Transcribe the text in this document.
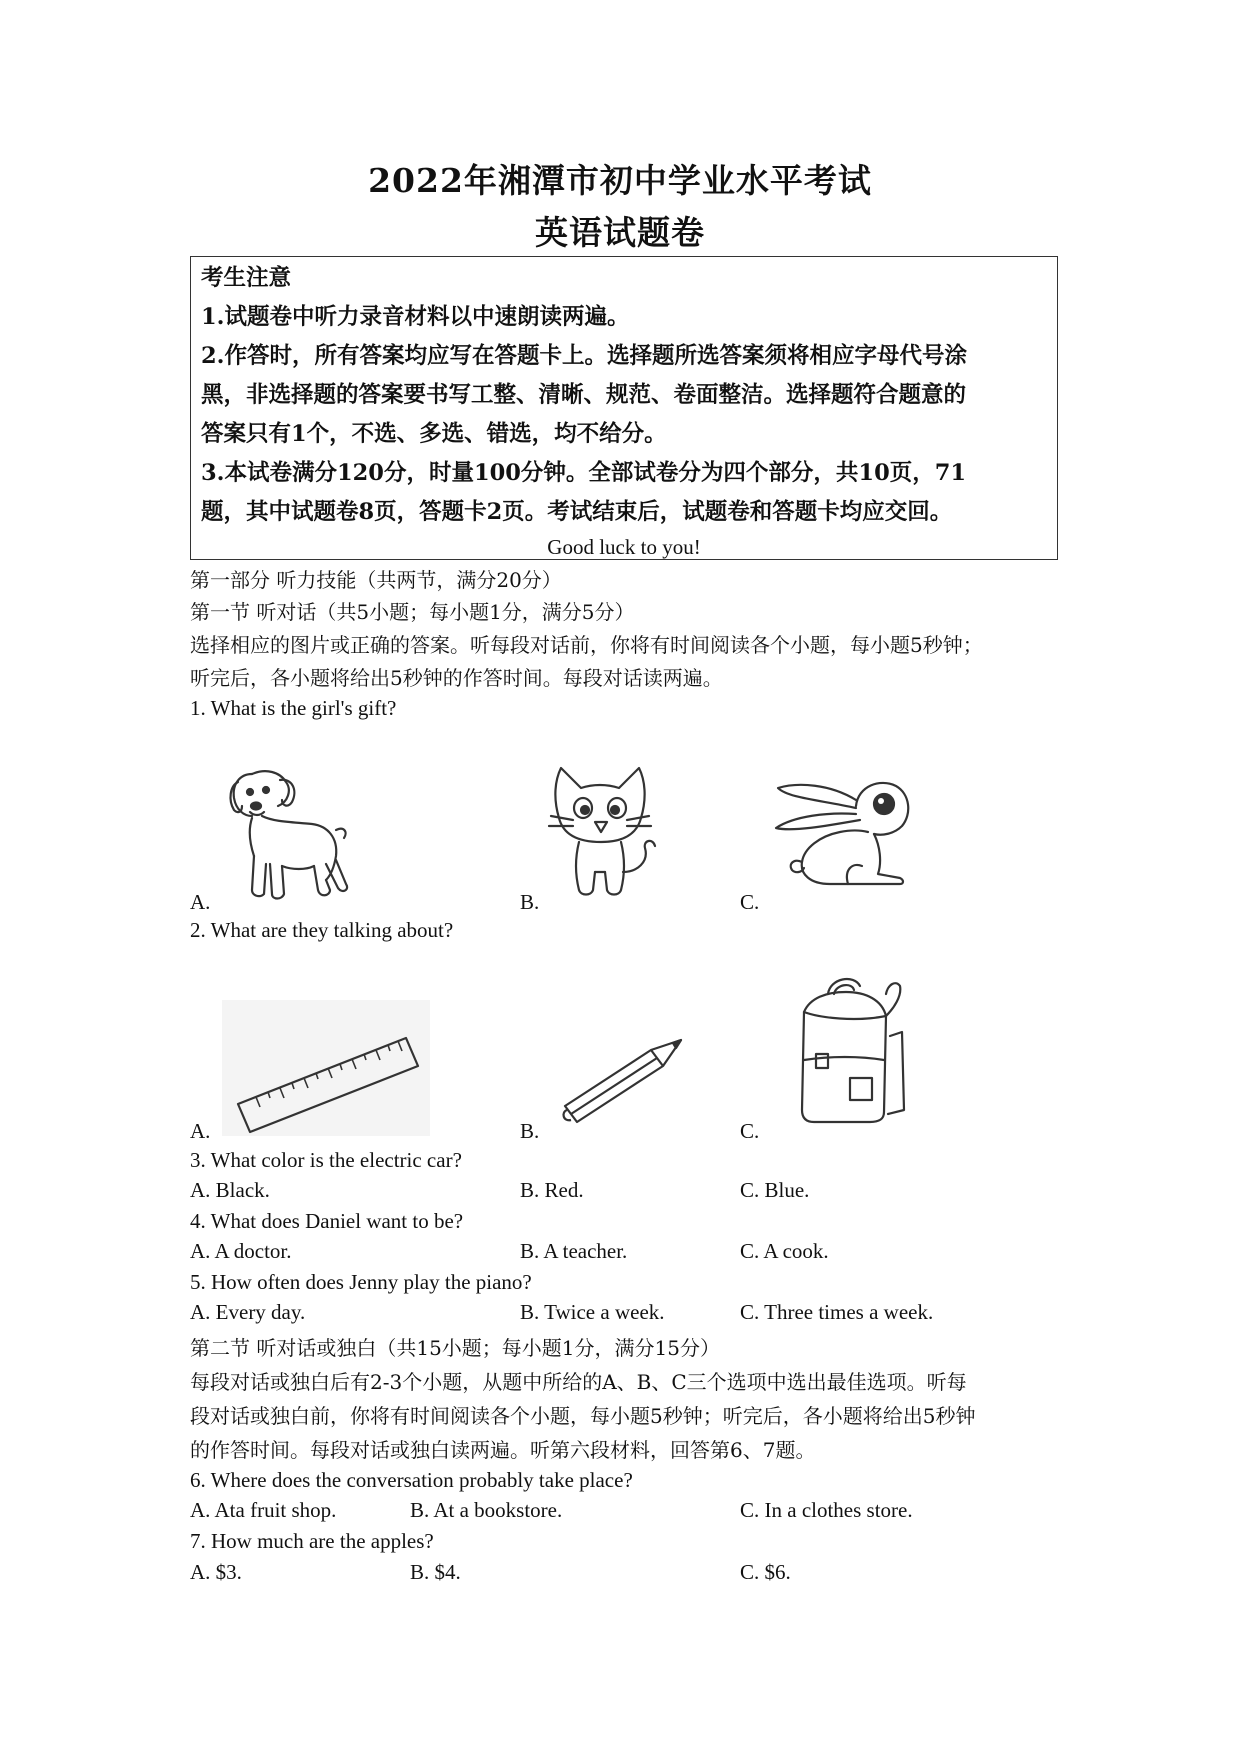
2022年湘潭市初中学业水平考试
英语试题卷
考生注意
1.试题卷中听力录音材料以中速朗读两遍。
2.作答时，所有答案均应写在答题卡上。选择题所选答案须将相应字母代号涂
黑，非选择题的答案要书写工整、清晰、规范、卷面整洁。选择题符合题意的
答案只有1个，不选、多选、错选，均不给分。
3.本试卷满分120分，时量100分钟。全部试卷分为四个部分，共10页，71
题，其中试题卷8页，答题卡2页。考试结束后，试题卷和答题卡均应交回。
Good luck to you!
第一部分 听力技能（共两节，满分20分）
第一节 听对话（共5小题；每小题1分，满分5分）
选择相应的图片或正确的答案。听每段对话前，你将有时间阅读各个小题，每小题5秒钟；
听完后，各小题将给出5秒钟的作答时间。每段对话读两遍。
1. What is the girl's gift?
A.	B.	C.
2. What are they talking about?
A.	B.	C.
3. What color is the electric car?
A. Black.	B. Red.	C. Blue.
4. What does Daniel want to be?
A. A doctor.	B. A teacher.	C. A cook.
5. How often does Jenny play the piano?
A. Every day.	B. Twice a week.	C. Three times a week.
第二节 听对话或独白（共15小题；每小题1分，满分15分）
每段对话或独白后有2-3个小题，从题中所给的A、B、C三个选项中选出最佳选项。听每
段对话或独白前，你将有时间阅读各个小题，每小题5秒钟；听完后，各小题将给出5秒钟
的作答时间。每段对话或独白读两遍。听第六段材料，回答第6、7题。
6. Where does the conversation probably take place?
A. Ata fruit shop.	B. At a bookstore.	C. In a clothes store.
7. How much are the apples?
A. $3.	B. $4.	C. $6.
